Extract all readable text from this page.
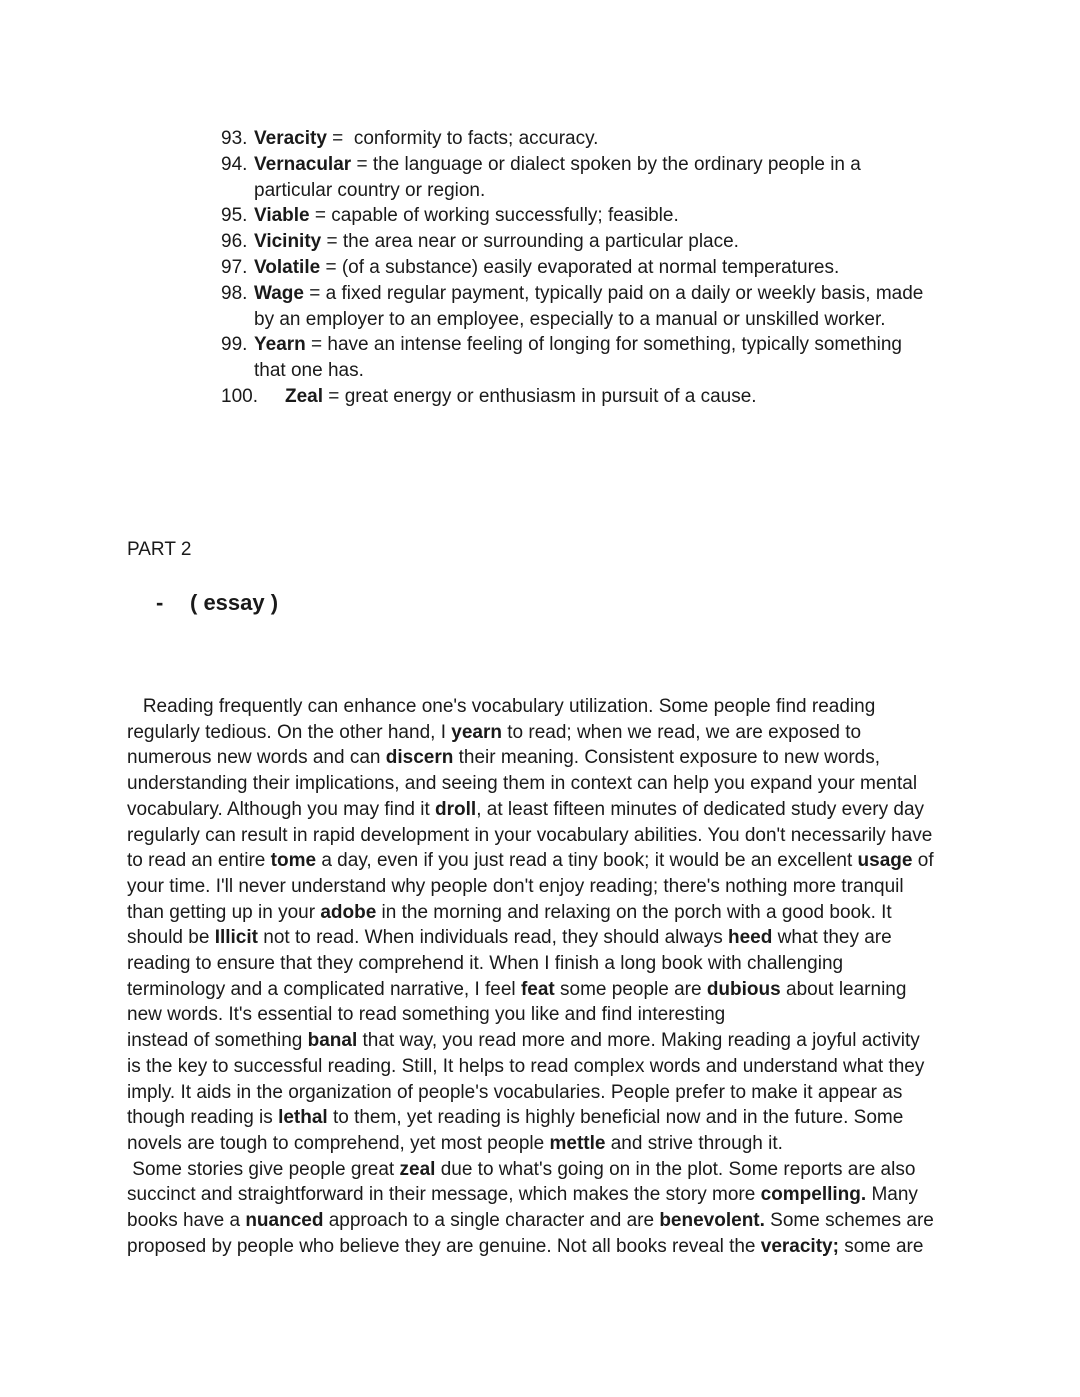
93. Veracity =  conformity to facts; accuracy.
94. Vernacular = the language or dialect spoken by the ordinary people in a
particular country or region.
95. Viable = capable of working successfully; feasible.
96. Vicinity = the area near or surrounding a particular place.
97. Volatile = (of a substance) easily evaporated at normal temperatures.
98. Wage = a fixed regular payment, typically paid on a daily or weekly basis, made
by an employer to an employee, especially to a manual or unskilled worker.
99. Yearn = have an intense feeling of longing for something, typically something
that one has.
100. Zeal = great energy or enthusiasm in pursuit of a cause.
PART 2
- ( essay )
Reading frequently can enhance one's vocabulary utilization. Some people find reading
regularly tedious. On the other hand, I yearn to read; when we read, we are exposed to
numerous new words and can discern their meaning. Consistent exposure to new words,
understanding their implications, and seeing them in context can help you expand your mental
vocabulary. Although you may find it droll, at least fifteen minutes of dedicated study every day
regularly can result in rapid development in your vocabulary abilities. You don't necessarily have
to read an entire tome a day, even if you just read a tiny book; it would be an excellent usage of
your time. I'll never understand why people don't enjoy reading; there's nothing more tranquil
than getting up in your adobe in the morning and relaxing on the porch with a good book. It
should be Illicit not to read. When individuals read, they should always heed what they are
reading to ensure that they comprehend it. When I finish a long book with challenging
terminology and a complicated narrative, I feel feat some people are dubious about learning
new words. It's essential to read something you like and find interesting
instead of something banal that way, you read more and more. Making reading a joyful activity
is the key to successful reading. Still, It helps to read complex words and understand what they
imply. It aids in the organization of people's vocabularies. People prefer to make it appear as
though reading is lethal to them, yet reading is highly beneficial now and in the future. Some
novels are tough to comprehend, yet most people mettle and strive through it.
Some stories give people great zeal due to what's going on in the plot. Some reports are also
succinct and straightforward in their message, which makes the story more compelling. Many
books have a nuanced approach to a single character and are benevolent. Some schemes are
proposed by people who believe they are genuine. Not all books reveal the veracity; some are
